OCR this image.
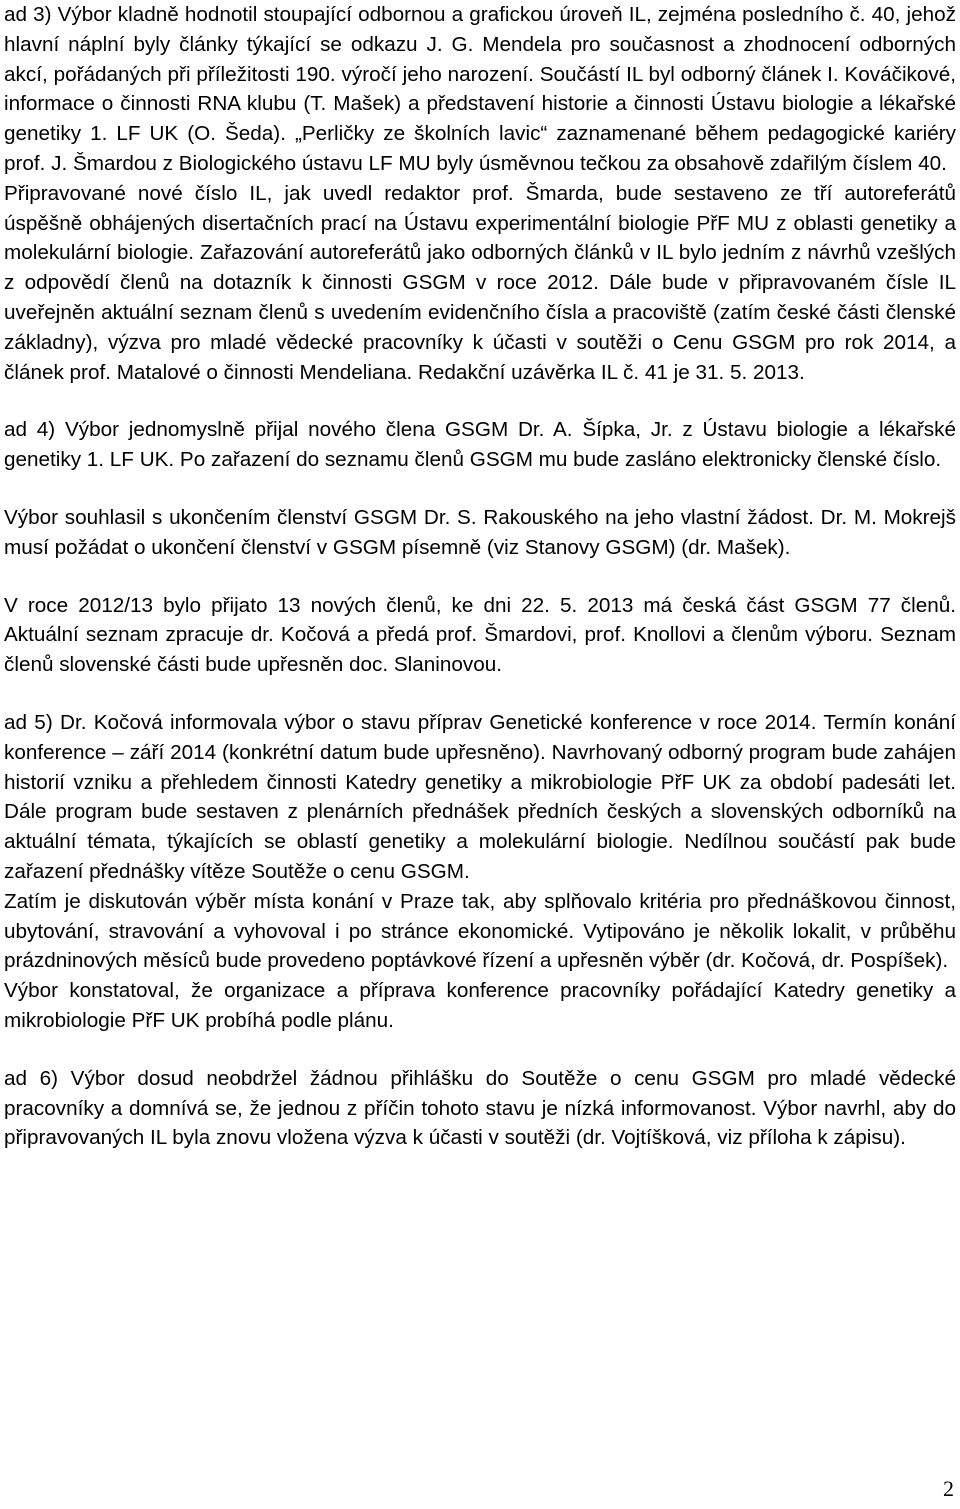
ad 3) Výbor kladně hodnotil stoupající odbornou a grafickou úroveň IL, zejména posledního č. 40, jehož hlavní náplní byly články týkající se odkazu J. G. Mendela pro současnost a zhodnocení odborných akcí, pořádaných při příležitosti 190. výročí jeho narození. Součástí IL byl odborný článek I. Kováčikové, informace o činnosti RNA klubu (T. Mašek) a představení historie a činnosti Ústavu biologie a lékařské genetiky 1. LF UK (O. Šeda). „Perličky ze školních lavic“ zaznamenané během pedagogické kariéry prof. J. Šmardou z Biologického ústavu LF MU byly úsměvnou tečkou za obsahově zdařilým číslem 40.

Připravované nové číslo IL, jak uvedl redaktor prof. Šmarda, bude sestaveno ze tří autoreferátů úspěšně obhájených disertačních prací na Ústavu experimentální biologie PřF MU z oblasti genetiky a molekulární biologie. Zařazování autoreferátů jako odborných článků v IL bylo jedním z návrhů vzešlých z odpovědí členů na dotazník k činnosti GSGM v roce 2012. Dále bude v připravovaném čísle IL uveřejněn aktuální seznam členů s uvedením evidenčního čísla a pracoviště (zatím české části členské základny), výzva pro mladé vědecké pracovníky k účasti v soutěži o Cenu GSGM pro rok 2014, a článek prof. Matalové o činnosti Mendeliana. Redakční uzávěrka IL č. 41 je 31. 5. 2013.

ad 4) Výbor jednomyslně přijal nového člena GSGM Dr. A. Šípka, Jr. z Ústavu biologie a lékařské genetiky 1. LF UK. Po zařazení do seznamu členů GSGM mu bude zasláno elektronicky členské číslo.

Výbor souhlasil s ukončením členství GSGM Dr. S. Rakouského na jeho vlastní žádost. Dr. M. Mokrejš musí požádat o ukončení členství v GSGM písemně (viz Stanovy GSGM) (dr. Mašek).

V roce 2012/13 bylo přijato 13 nových členů, ke dni 22. 5. 2013 má česká část GSGM 77 členů. Aktuální seznam zpracuje dr. Kočová a předá prof. Šmardovi, prof. Knollovi a členům výboru. Seznam členů slovenské části bude upřesněn doc. Slaninovou.

ad 5) Dr. Kočová informovala výbor o stavu příprav Genetické konference v roce 2014. Termín konání konference – září 2014 (konkrétní datum bude upřesněno). Navrhovaný odborný program bude zahájen historií vzniku a přehledem činnosti Katedry genetiky a mikrobiologie PřF UK za období padesáti let. Dále program bude sestaven z plenárních přednášek předních českých a slovenských odborníků na aktuální témata, týkajících se oblastí genetiky a molekulární biologie. Nedílnou součástí pak bude zařazení přednášky vítěze Soutěže o cenu GSGM.

Zatím je diskutován výběr místa konání v Praze tak, aby splňovalo kritéria pro přednáškovou činnost, ubytování, stravování a vyhovoval i po stránce ekonomické. Vytipováno je několik lokalit, v průběhu prázdninových měsíců bude provedeno poptávkové řízení a upřesněn výběr (dr. Kočová, dr. Pospíšek).

Výbor konstatoval, že organizace a příprava konference pracovníky pořádající Katedry genetiky a mikrobiologie PřF UK probíhá podle plánu.

ad 6) Výbor dosud neobdržel žádnou přihlášku do Soutěže o cenu GSGM pro mladé vědecké pracovníky a domnívá se, že jednou z příčin tohoto stavu je nízká informovanost. Výbor navrhl, aby do připravovaných IL byla znovu vložena výzva k účasti v soutěži (dr. Vojtíšková, viz příloha k zápisu).

2
